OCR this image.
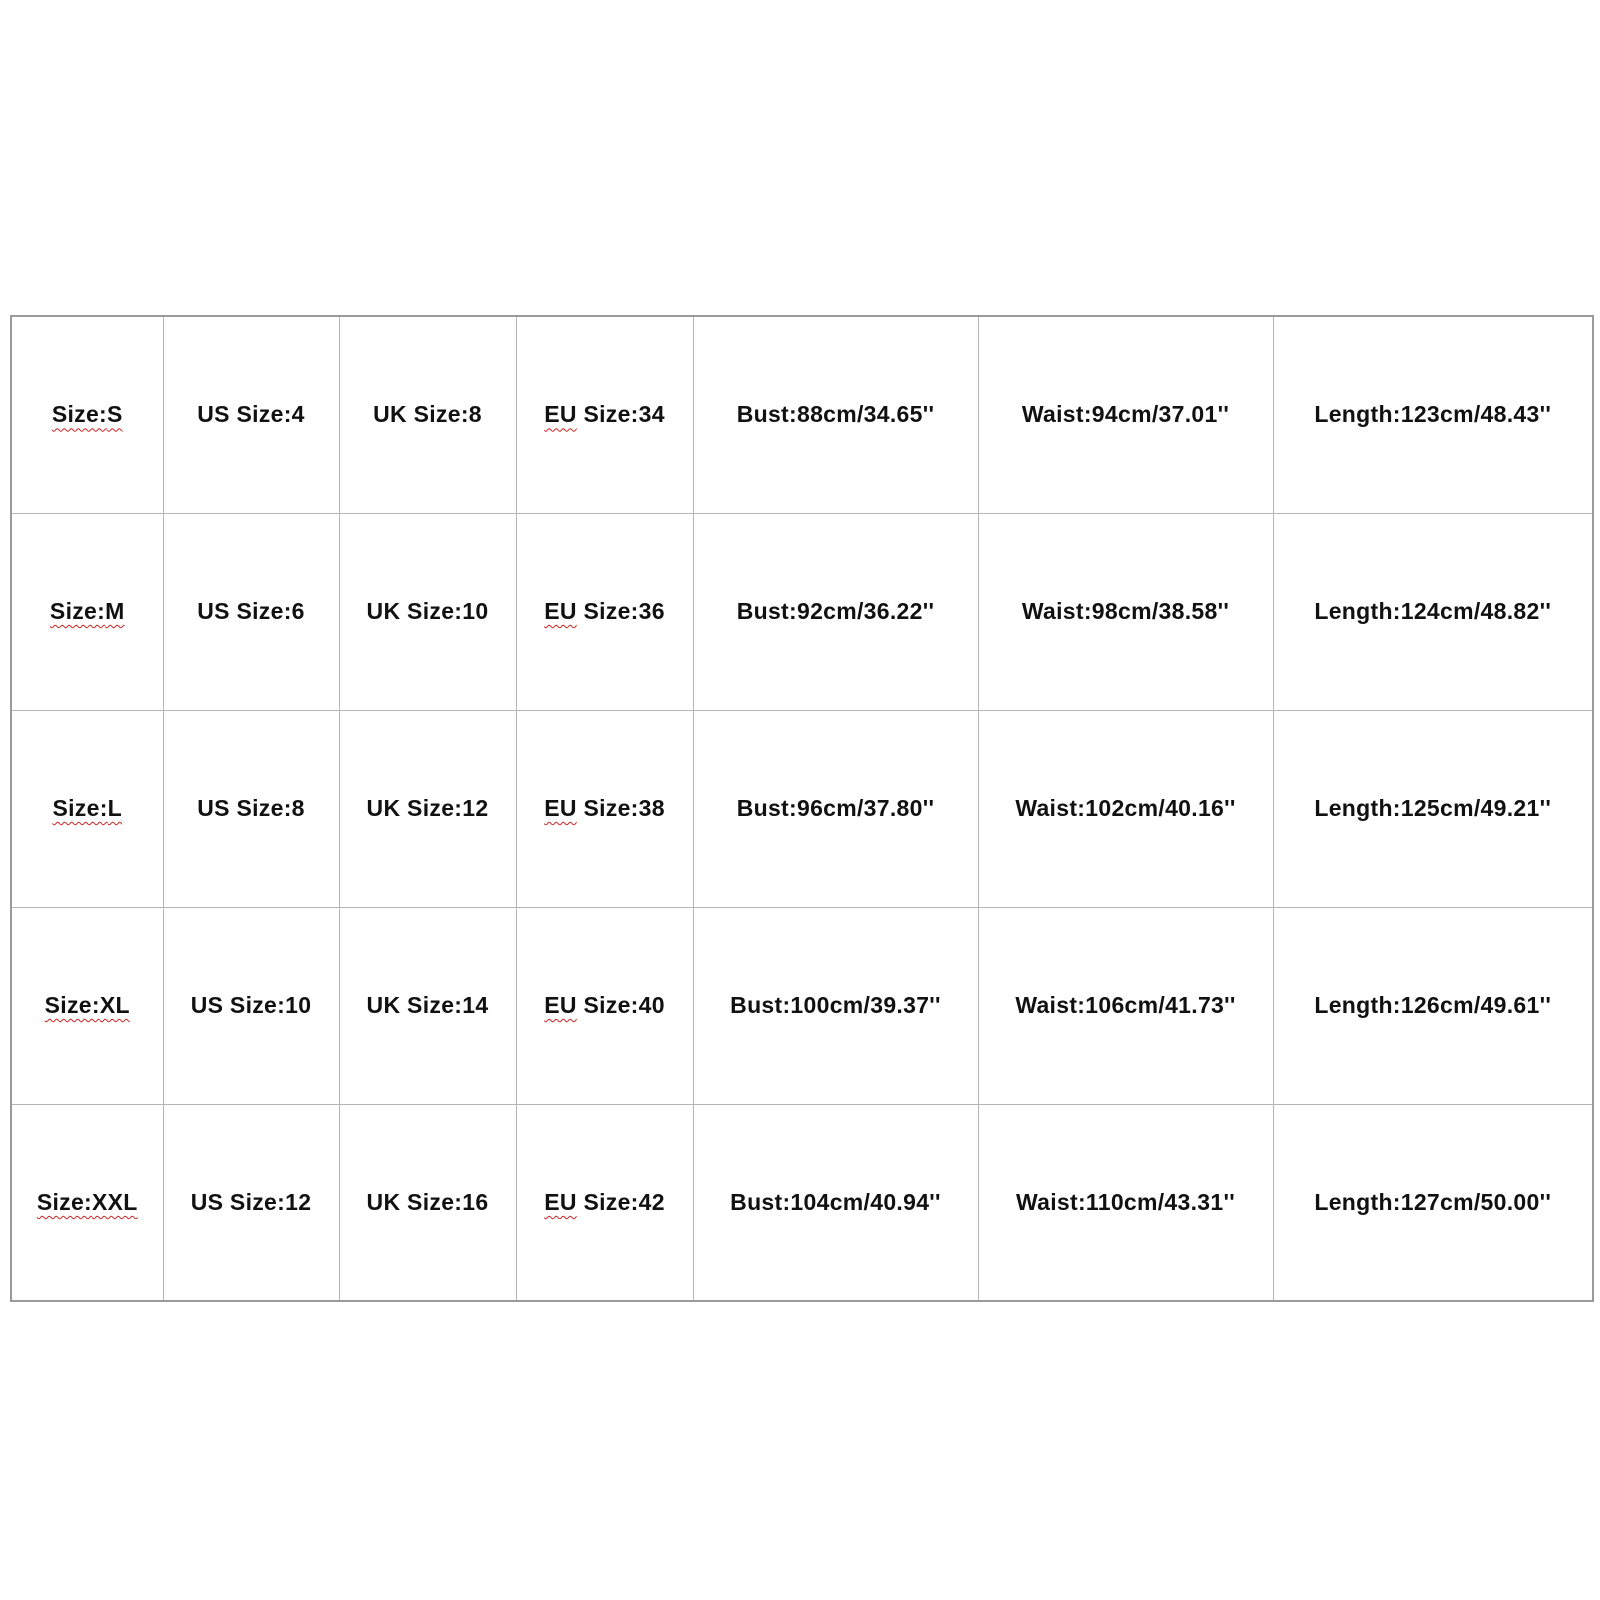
Size:S	US Size:4	UK Size:8	EU Size:34	Bust:88cm/34.65''	Waist:94cm/37.01''	Length:123cm/48.43''
Size:M	US Size:6	UK Size:10	EU Size:36	Bust:92cm/36.22''	Waist:98cm/38.58''	Length:124cm/48.82''
Size:L	US Size:8	UK Size:12	EU Size:38	Bust:96cm/37.80''	Waist:102cm/40.16''	Length:125cm/49.21''
Size:XL	US Size:10	UK Size:14	EU Size:40	Bust:100cm/39.37''	Waist:106cm/41.73''	Length:126cm/49.61''
Size:XXL	US Size:12	UK Size:16	EU Size:42	Bust:104cm/40.94''	Waist:110cm/43.31''	Length:127cm/50.00''
